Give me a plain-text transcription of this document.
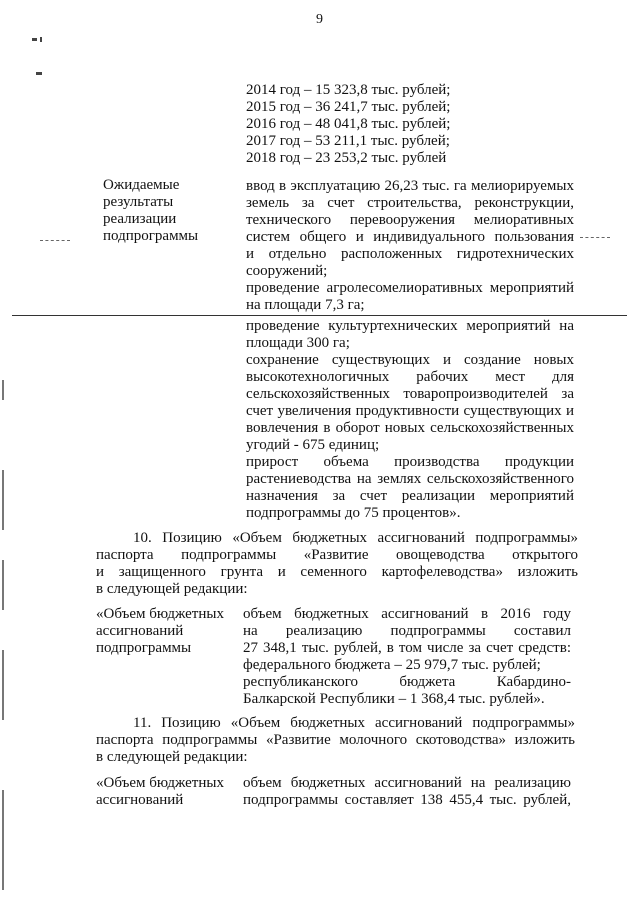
9
2014 год – 15 323,8 тыс. рублей;
2015 год – 36 241,7 тыс. рублей;
2016 год – 48 041,8 тыс. рублей;
2017 год – 53 211,1 тыс. рублей;
2018 год – 23 253,2 тыс. рублей
Ожидаемые
результаты
реализации
подпрограммы
ввод в эксплуатацию 26,23 тыс. га мелиорируемых
земель за счет строительства, реконструкции,
технического перевооружения мелиоративных
систем общего и индивидуального пользования
и отдельно расположенных гидротехнических
сооружений;
проведение агролесомелиоративных мероприятий
на площади 7,3 га;
проведение культуртехнических мероприятий на
площади 300 га;
сохранение существующих и создание новых
высокотехнологичных рабочих мест для
сельскохозяйственных товаропроизводителей за
счет увеличения продуктивности существующих и
вовлечения в оборот новых сельскохозяйственных
угодий - 675 единиц;
прирост объема производства продукции
растениеводства на землях сельскохозяйственного
назначения за счет реализации мероприятий
подпрограммы до 75 процентов».
10. Позицию «Объем бюджетных ассигнований подпрограммы»
паспорта подпрограммы «Развитие овощеводства открытого
и защищенного грунта и семенного картофелеводства» изложить
в следующей редакции:
«Объем бюджетных
ассигнований
подпрограммы
объем бюджетных ассигнований в 2016 году
на реализацию подпрограммы составил
27 348,1 тыс. рублей, в том числе за счет средств:
федерального бюджета – 25 979,7 тыс. рублей;
республиканского бюджета Кабардино-
Балкарской Республики – 1 368,4 тыс. рублей».
11. Позицию «Объем бюджетных ассигнований подпрограммы»
паспорта подпрограммы «Развитие молочного скотоводства» изложить
в следующей редакции:
«Объем бюджетных
ассигнований
объем бюджетных ассигнований на реализацию
подпрограммы составляет 138 455,4 тыс. рублей,
